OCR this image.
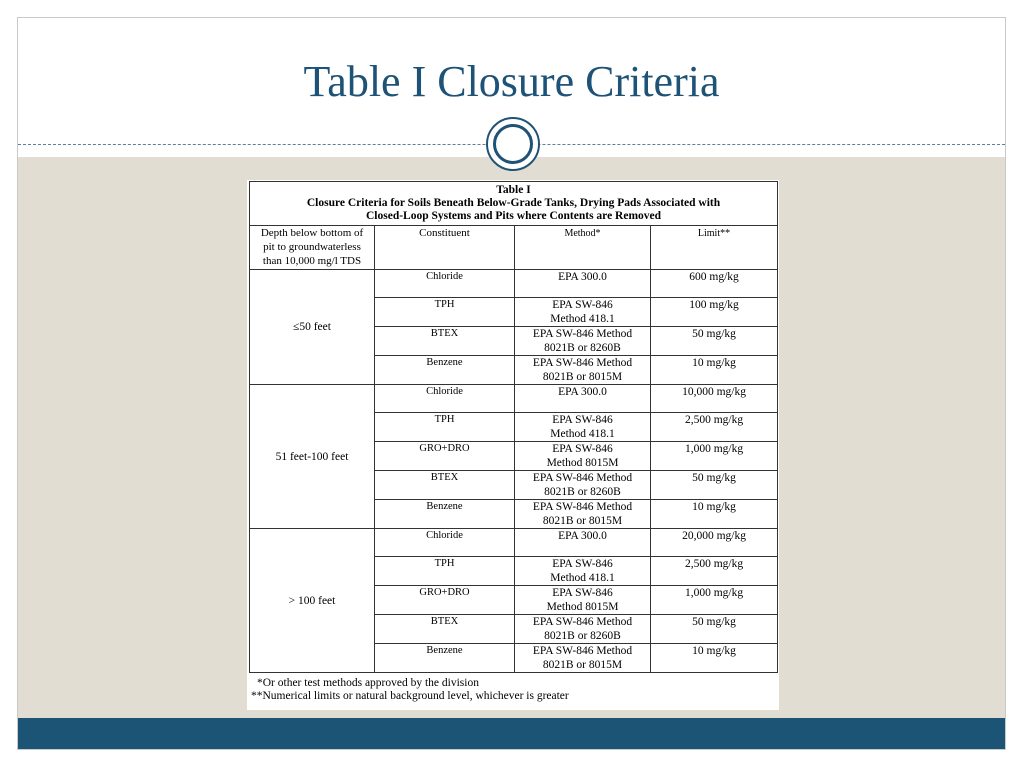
Table I Closure Criteria
Table I
Closure Criteria for Soils Beneath Below-Grade Tanks, Drying Pads Associated with
Closed-Loop Systems and Pits where Contents are Removed			

Depth below bottom of
pit to groundwaterless
than 10,000 mg/l TDS	Constituent	Method*	Limit**
≤50 feet	Chloride	EPA 300.0	600 mg/kg
	TPH	EPA SW-846
Method 418.1	100 mg/kg
	BTEX	EPA SW-846 Method
8021B or 8260B	50 mg/kg
	Benzene	EPA SW-846 Method
8021B or 8015M	10 mg/kg
51 feet-100 feet	Chloride	EPA 300.0	10,000 mg/kg
	TPH	EPA SW-846
Method 418.1	2,500 mg/kg
	GRO+DRO	EPA SW-846
Method 8015M	1,000 mg/kg
	BTEX	EPA SW-846 Method
8021B or 8260B	50 mg/kg
	Benzene	EPA SW-846 Method
8021B or 8015M	10 mg/kg
> 100 feet	Chloride	EPA 300.0	20,000 mg/kg
	TPH	EPA SW-846
Method 418.1	2,500 mg/kg
	GRO+DRO	EPA SW-846
Method 8015M	1,000 mg/kg
	BTEX	EPA SW-846 Method
8021B or 8260B	50 mg/kg
	Benzene	EPA SW-846 Method
8021B or 8015M	10 mg/kg
*Or other test methods approved by the division
**Numerical limits or natural background level, whichever is greater
